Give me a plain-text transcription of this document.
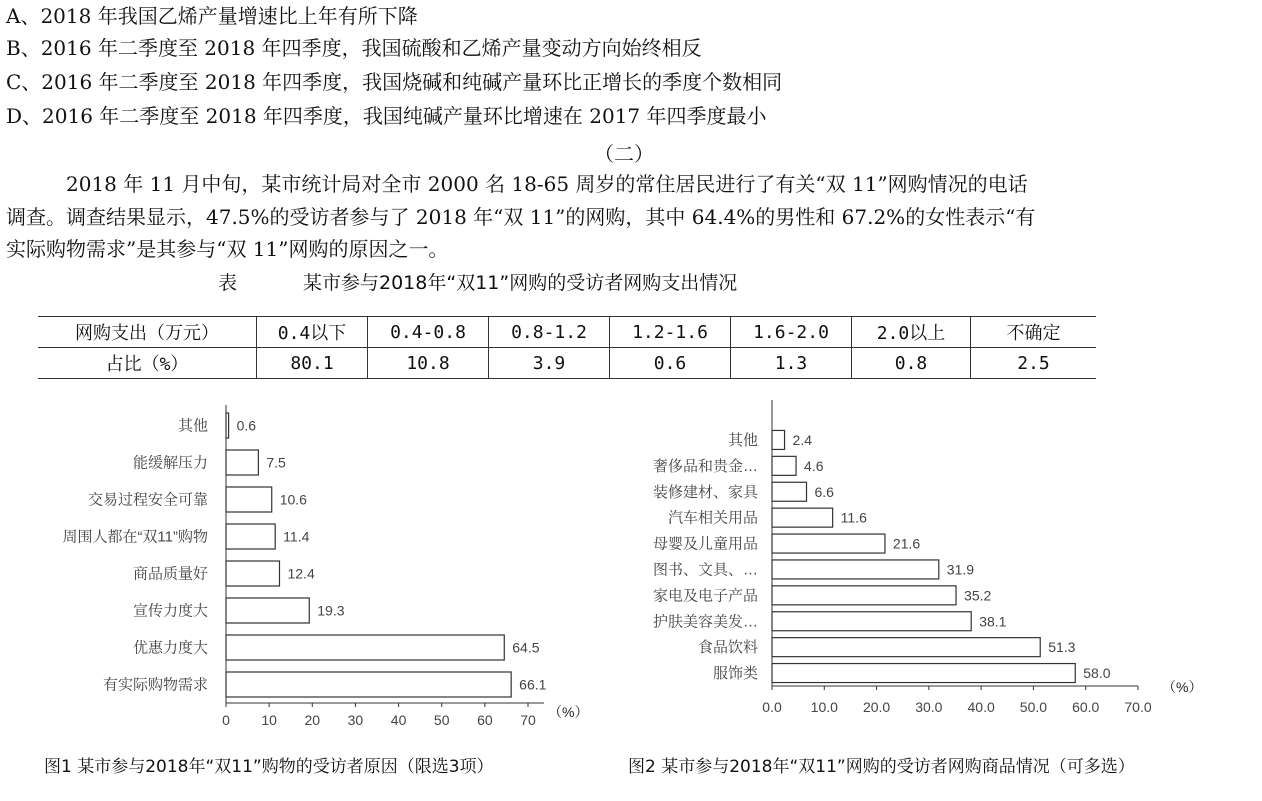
A、2018 年我国乙烯产量增速比上年有所下降
B、2016 年二季度至 2018 年四季度，我国硫酸和乙烯产量变动方向始终相反
C、2016 年二季度至 2018 年四季度，我国烧碱和纯碱产量环比正增长的季度个数相同
D、2016 年二季度至 2018 年四季度，我国纯碱产量环比增速在 2017 年四季度最小
（二）
2018 年 11 月中旬，某市统计局对全市 2000 名 18-65 周岁的常住居民进行了有关“双 11”网购情况的电话
调查。调查结果显示，47.5%的受访者参与了 2018 年“双 11”的网购，其中 64.4%的男性和 67.2%的女性表示“有
实际购物需求”是其参与“双 11”网购的原因之一。
表	某市参与2018年“双11”网购的受访者网购支出情况
网购支出（万元）	0.4以下	0.4-0.8	0.8-1.2	1.2-1.6	1.6-2.0	2.0以上	不确定
占比（%）	80.1	10.8	3.9	0.6	1.3	0.8	2.5
其他 0.6
能缓解压力	7.5
交易过程安全可靠	10.6
周围人都在“双11”购物	11.4
商品质量好	12.4
宣传力度大	19.3
优惠力度大	64.5
有实际购物需求	66.1
0 10 20 30 40 50 60 70 （%）
其他 2.4
奢侈品和贵金…	4.6
装修建材、家具	6.6
汽车相关用品	11.6
母婴及儿童用品	21.6
图书、文具、…	31.9
家电及电子产品	35.2
护肤美容美发…	38.1
食品饮料	51.3
服饰类	58.0
0.0 10.0 20.0 30.0 40.0 50.0 60.0 70.0
（%）
图1 某市参与2018年“双11”购物的受访者原因（限选3项）	图2 某市参与2018年“双11”网购的受访者网购商品情况（可多选）
